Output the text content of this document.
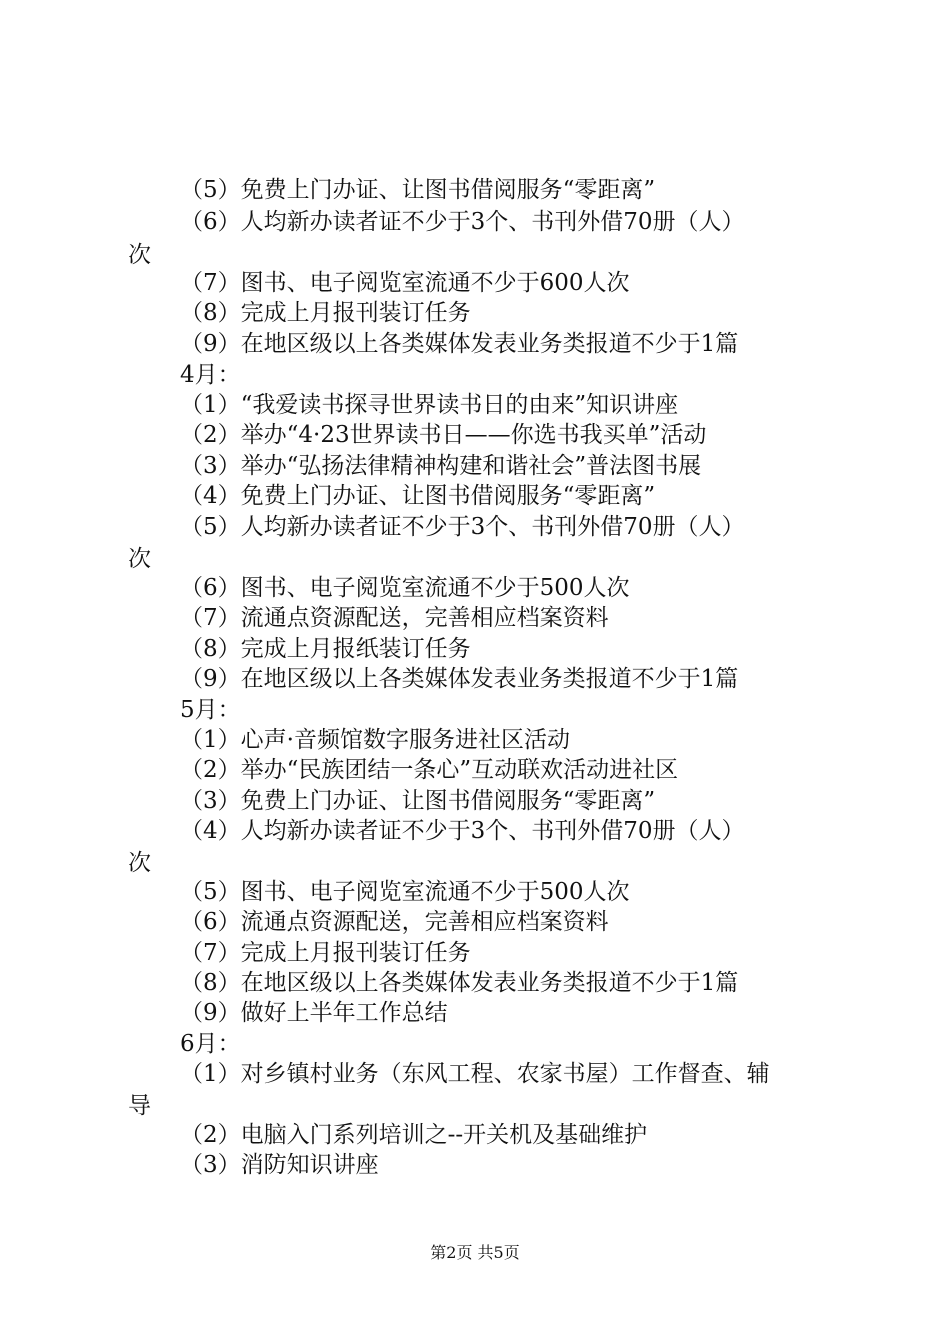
（5）免费上门办证、让图书借阅服务“零距离”
（6）人均新办读者证不少于3个、书刊外借70册（人）
次
（7）图书、电子阅览室流通不少于600人次
（8）完成上月报刊装订任务
（9）在地区级以上各类媒体发表业务类报道不少于1篇
4月：
（1）“我爱读书探寻世界读书日的由来”知识讲座
（2）举办“4·23世界读书日——你选书我买单”活动
（3）举办“弘扬法律精神构建和谐社会”普法图书展
（4）免费上门办证、让图书借阅服务“零距离”
（5）人均新办读者证不少于3个、书刊外借70册（人）
次
（6）图书、电子阅览室流通不少于500人次
（7）流通点资源配送，完善相应档案资料
（8）完成上月报纸装订任务
（9）在地区级以上各类媒体发表业务类报道不少于1篇
5月：
（1）心声·音频馆数字服务进社区活动
（2）举办“民族团结一条心”互动联欢活动进社区
（3）免费上门办证、让图书借阅服务“零距离”
（4）人均新办读者证不少于3个、书刊外借70册（人）
次
（5）图书、电子阅览室流通不少于500人次
（6）流通点资源配送，完善相应档案资料
（7）完成上月报刊装订任务
（8）在地区级以上各类媒体发表业务类报道不少于1篇
（9）做好上半年工作总结
6月：
（1）对乡镇村业务（东风工程、农家书屋）工作督查、辅
导
（2）电脑入门系列培训之--开关机及基础维护
（3）消防知识讲座
第2页 共5页
